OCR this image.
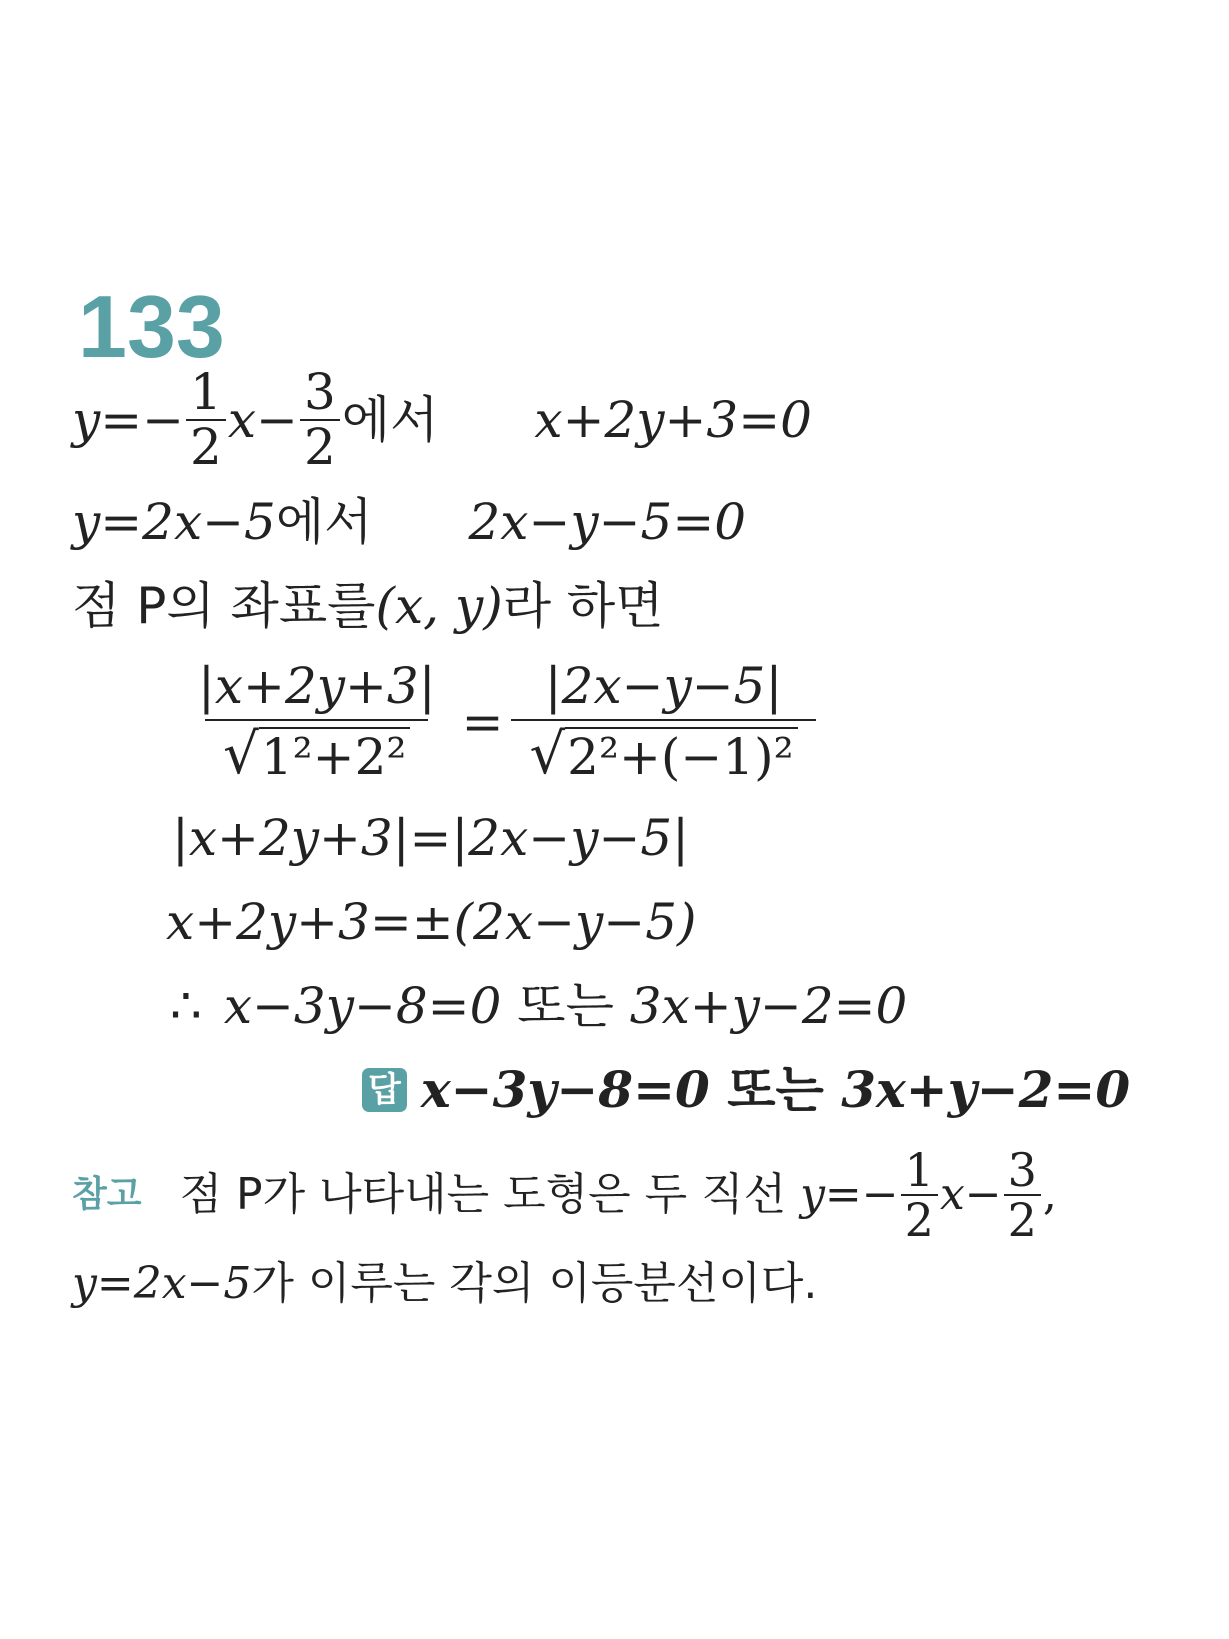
133
$y=- \frac{1}{2} x- \frac{3}{2}$ 에서 x+2y+3=0
y=2x−5 에서 2x−y−5=0
점 P의 좌표를 (x, y) 라 하면
$\frac{|x+2y+3|}{\text{√ 1²+2²}} = \frac{|2x-y-5|}{\text{√ 2²+(−1)²}}$
|x+2y+3|=|2x−y−5|
x+2y+3=±(2x−y−5)
∴ x−3y−8=0 또는 3x+y−2=0
답 x−3y−8=0 또는 3x+y−2=0
참고 점 P가 나타내는 도형은 두 직선 $y=- \frac{1}{2} x- \frac{3}{2}$ ,
y=2x−5 가 이루는 각의 이등분선이다.
